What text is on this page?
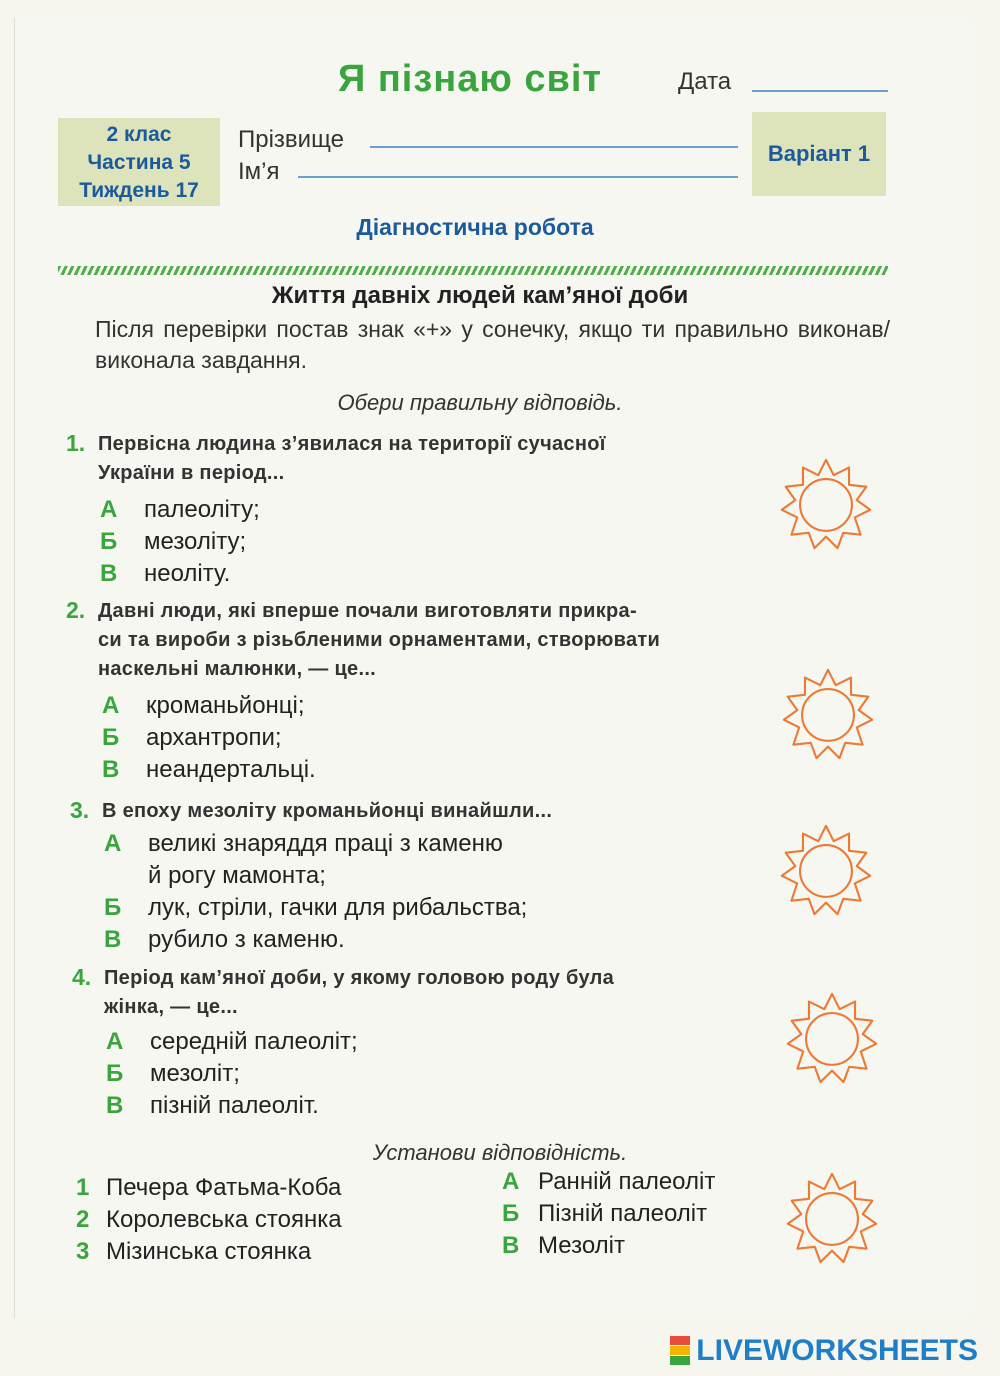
Я пізнаю світ	Дата
2 клас
Частина 5
Тиждень 17
Прізвище
Ім’я
Варіант 1
Діагностична робота
Життя давніх людей кам’яної доби
Після перевірки постав знак «+» у сонечку, якщо ти правильно виконав/виконала завдання.
Обери правильну відповідь.
1. Первісна людина з’явилася на території сучасної
України в період...
А палеоліту;
Б мезоліту;
В неоліту.
2. Давні люди, які вперше почали виготовляти прикра-
си та вироби з різьбленими орнаментами, створювати
наскельні малюнки, — це...
А кроманьйонці;
Б архантропи;
В неандертальці.
3. В епоху мезоліту кроманьйонці винайшли...
А великі знаряддя праці з каменю
й рогу мамонта;
Б лук, стріли, гачки для рибальства;
В рубило з каменю.
4. Період кам’яної доби, у якому головою роду була
жінка, — це...
А середній палеоліт;
Б мезоліт;
В пізній палеоліт.
Установи відповідність.
1 Печера Фатьма-Коба
2 Королевська стоянка
3 Мізинська стоянка
А Ранній палеоліт
Б Пізній палеоліт
В Мезоліт
LIVEWORKSHEETS
